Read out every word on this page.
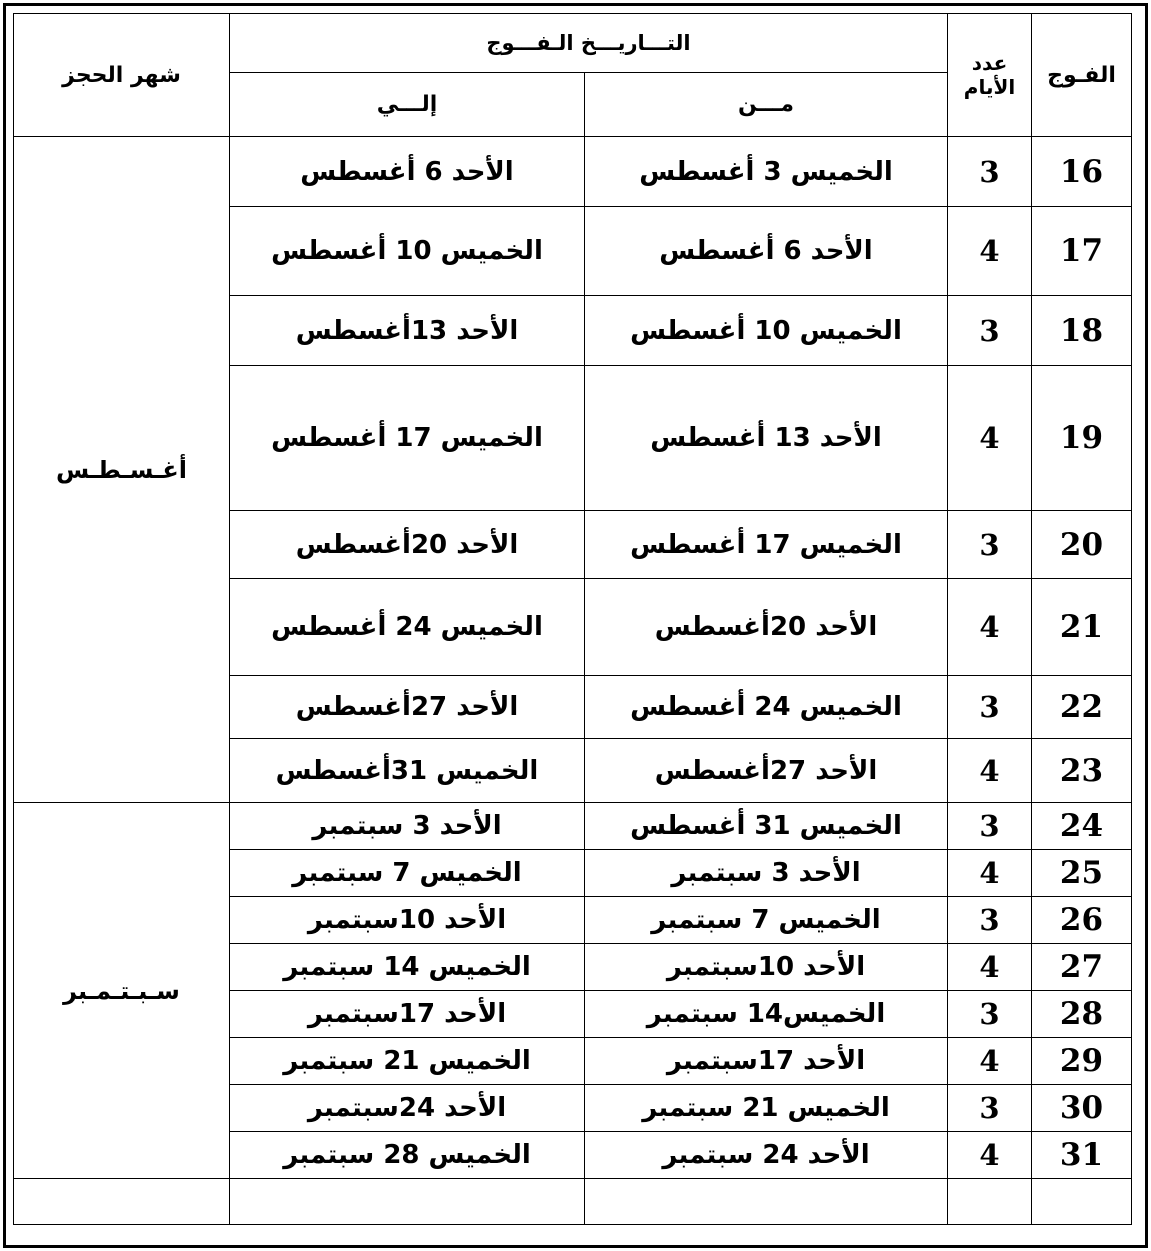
الفـوج	عدد الأيام	التـــاريـــخ الـفـــوج		شهر الحجز
		مـــن	إلـــي	
16	3	الخميس 3 أغسطس	الأحد 6 أغسطس	أغـسـطـس
17	4	الأحد 6 أغسطس	الخميس 10 أغسطس	
18	3	الخميس 10 أغسطس	الأحد 13أغسطس	
19	4	الأحد 13 أغسطس	الخميس 17 أغسطس	
20	3	الخميس 17 أغسطس	الأحد 20أغسطس	
21	4	الأحد 20أغسطس	الخميس 24 أغسطس	
22	3	الخميس 24 أغسطس	الأحد 27أغسطس	
23	4	الأحد 27أغسطس	الخميس 31أغسطس	
24	3	الخميس 31 أغسطس	الأحد 3 سبتمبر	سـبـتـمـبر
25	4	الأحد 3 سبتمبر	الخميس 7 سبتمبر	
26	3	الخميس 7 سبتمبر	الأحد 10سبتمبر	
27	4	الأحد 10سبتمبر	الخميس 14 سبتمبر	
28	3	الخميس14 سبتمبر	الأحد 17سبتمبر	
29	4	الأحد 17سبتمبر	الخميس 21 سبتمبر	
30	3	الخميس 21 سبتمبر	الأحد 24سبتمبر	
31	4	الأحد 24 سبتمبر	الخميس 28 سبتمبر	
